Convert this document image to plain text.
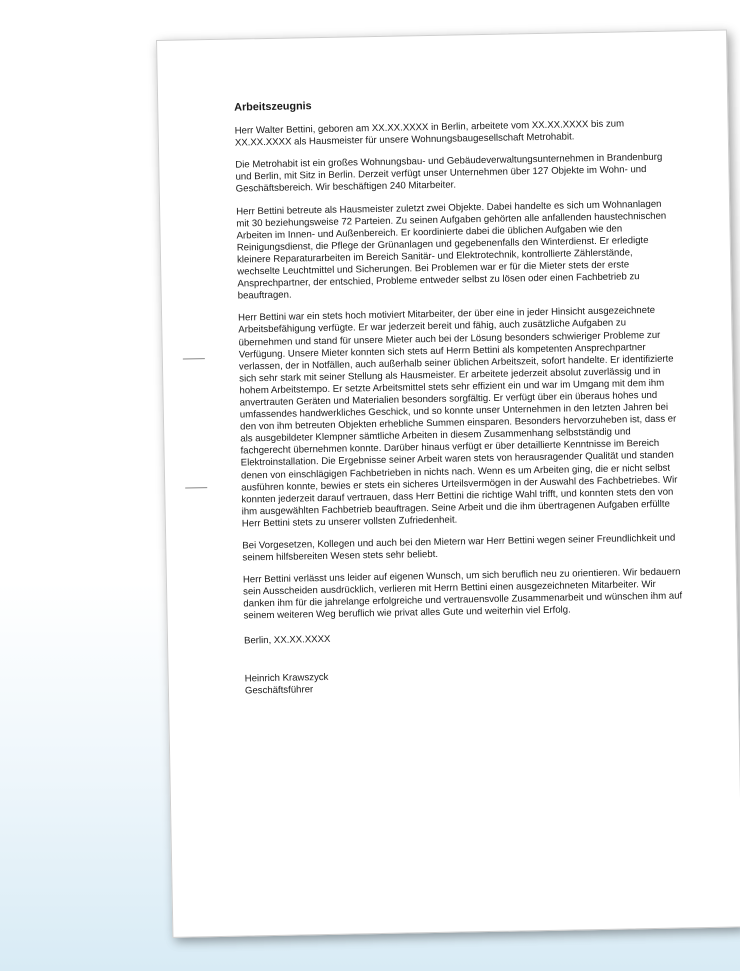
Arbeitszeugnis

Herr Walter Bettini, geboren am XX.XX.XXXX in Berlin, arbeitete vom XX.XX.XXXX bis zum XX.XX.XXXX als Hausmeister für unsere Wohnungsbaugesellschaft Metrohabit.

Die Metrohabit ist ein großes Wohnungsbau- und Gebäudeverwaltungsunternehmen in Brandenburg und Berlin, mit Sitz in Berlin. Derzeit verfügt unser Unternehmen über 127 Objekte im Wohn- und Geschäftsbereich. Wir beschäftigen 240 Mitarbeiter.

Herr Bettini betreute als Hausmeister zuletzt zwei Objekte. Dabei handelte es sich um Wohnanlagen mit 30 beziehungsweise 72 Parteien. Zu seinen Aufgaben gehörten alle anfallenden haustechnischen Arbeiten im Innen- und Außenbereich. Er koordinierte dabei die üblichen Aufgaben wie den Reinigungsdienst, die Pflege der Grünanlagen und gegebenenfalls den Winterdienst. Er erledigte kleinere Reparaturarbeiten im Bereich Sanitär- und Elektrotechnik, kontrollierte Zählerstände, wechselte Leuchtmittel und Sicherungen. Bei Problemen war er für die Mieter stets der erste Ansprechpartner, der entschied, Probleme entweder selbst zu lösen oder einen Fachbetrieb zu beauftragen.

Herr Bettini war ein stets hoch motiviert Mitarbeiter, der über eine in jeder Hinsicht ausgezeichnete Arbeitsbefähigung verfügte. Er war jederzeit bereit und fähig, auch zusätzliche Aufgaben zu übernehmen und stand für unsere Mieter auch bei der Lösung besonders schwieriger Probleme zur Verfügung. Unsere Mieter konnten sich stets auf Herrn Bettini als kompetenten Ansprechpartner verlassen, der in Notfällen, auch außerhalb seiner üblichen Arbeitszeit, sofort handelte. Er identifizierte sich sehr stark mit seiner Stellung als Hausmeister. Er arbeitete jederzeit absolut zuverlässig und in hohem Arbeitstempo. Er setzte Arbeitsmittel stets sehr effizient ein und war im Umgang mit dem ihm anvertrauten Geräten und Materialien besonders sorgfältig. Er verfügt über ein überaus hohes und umfassendes handwerkliches Geschick, und so konnte unser Unternehmen in den letzten Jahren bei den von ihm betreuten Objekten erhebliche Summen einsparen. Besonders hervorzuheben ist, dass er als ausgebildeter Klempner sämtliche Arbeiten in diesem Zusammenhang selbstständig und fachgerecht übernehmen konnte. Darüber hinaus verfügt er über detaillierte Kenntnisse im Bereich Elektroinstallation. Die Ergebnisse seiner Arbeit waren stets von herausragender Qualität und standen denen von einschlägigen Fachbetrieben in nichts nach. Wenn es um Arbeiten ging, die er nicht selbst ausführen konnte, bewies er stets ein sicheres Urteilsvermögen in der Auswahl des Fachbetriebes. Wir konnten jederzeit darauf vertrauen, dass Herr Bettini die richtige Wahl trifft, und konnten stets den von ihm ausgewählten Fachbetrieb beauftragen. Seine Arbeit und die ihm übertragenen Aufgaben erfüllte Herr Bettini stets zu unserer vollsten Zufriedenheit.

Bei Vorgesetzen, Kollegen und auch bei den Mietern war Herr Bettini wegen seiner Freundlichkeit und seinem hilfsbereiten Wesen stets sehr beliebt.

Herr Bettini verlässt uns leider auf eigenen Wunsch, um sich beruflich neu zu orientieren. Wir bedauern sein Ausscheiden ausdrücklich, verlieren mit Herrn Bettini einen ausgezeichneten Mitarbeiter. Wir danken ihm für die jahrelange erfolgreiche und vertrauensvolle Zusammenarbeit und wünschen ihm auf seinem weiteren Weg beruflich wie privat alles Gute und weiterhin viel Erfolg.

Berlin, XX.XX.XXXX

Heinrich Krawszyck

Geschäftsführer
